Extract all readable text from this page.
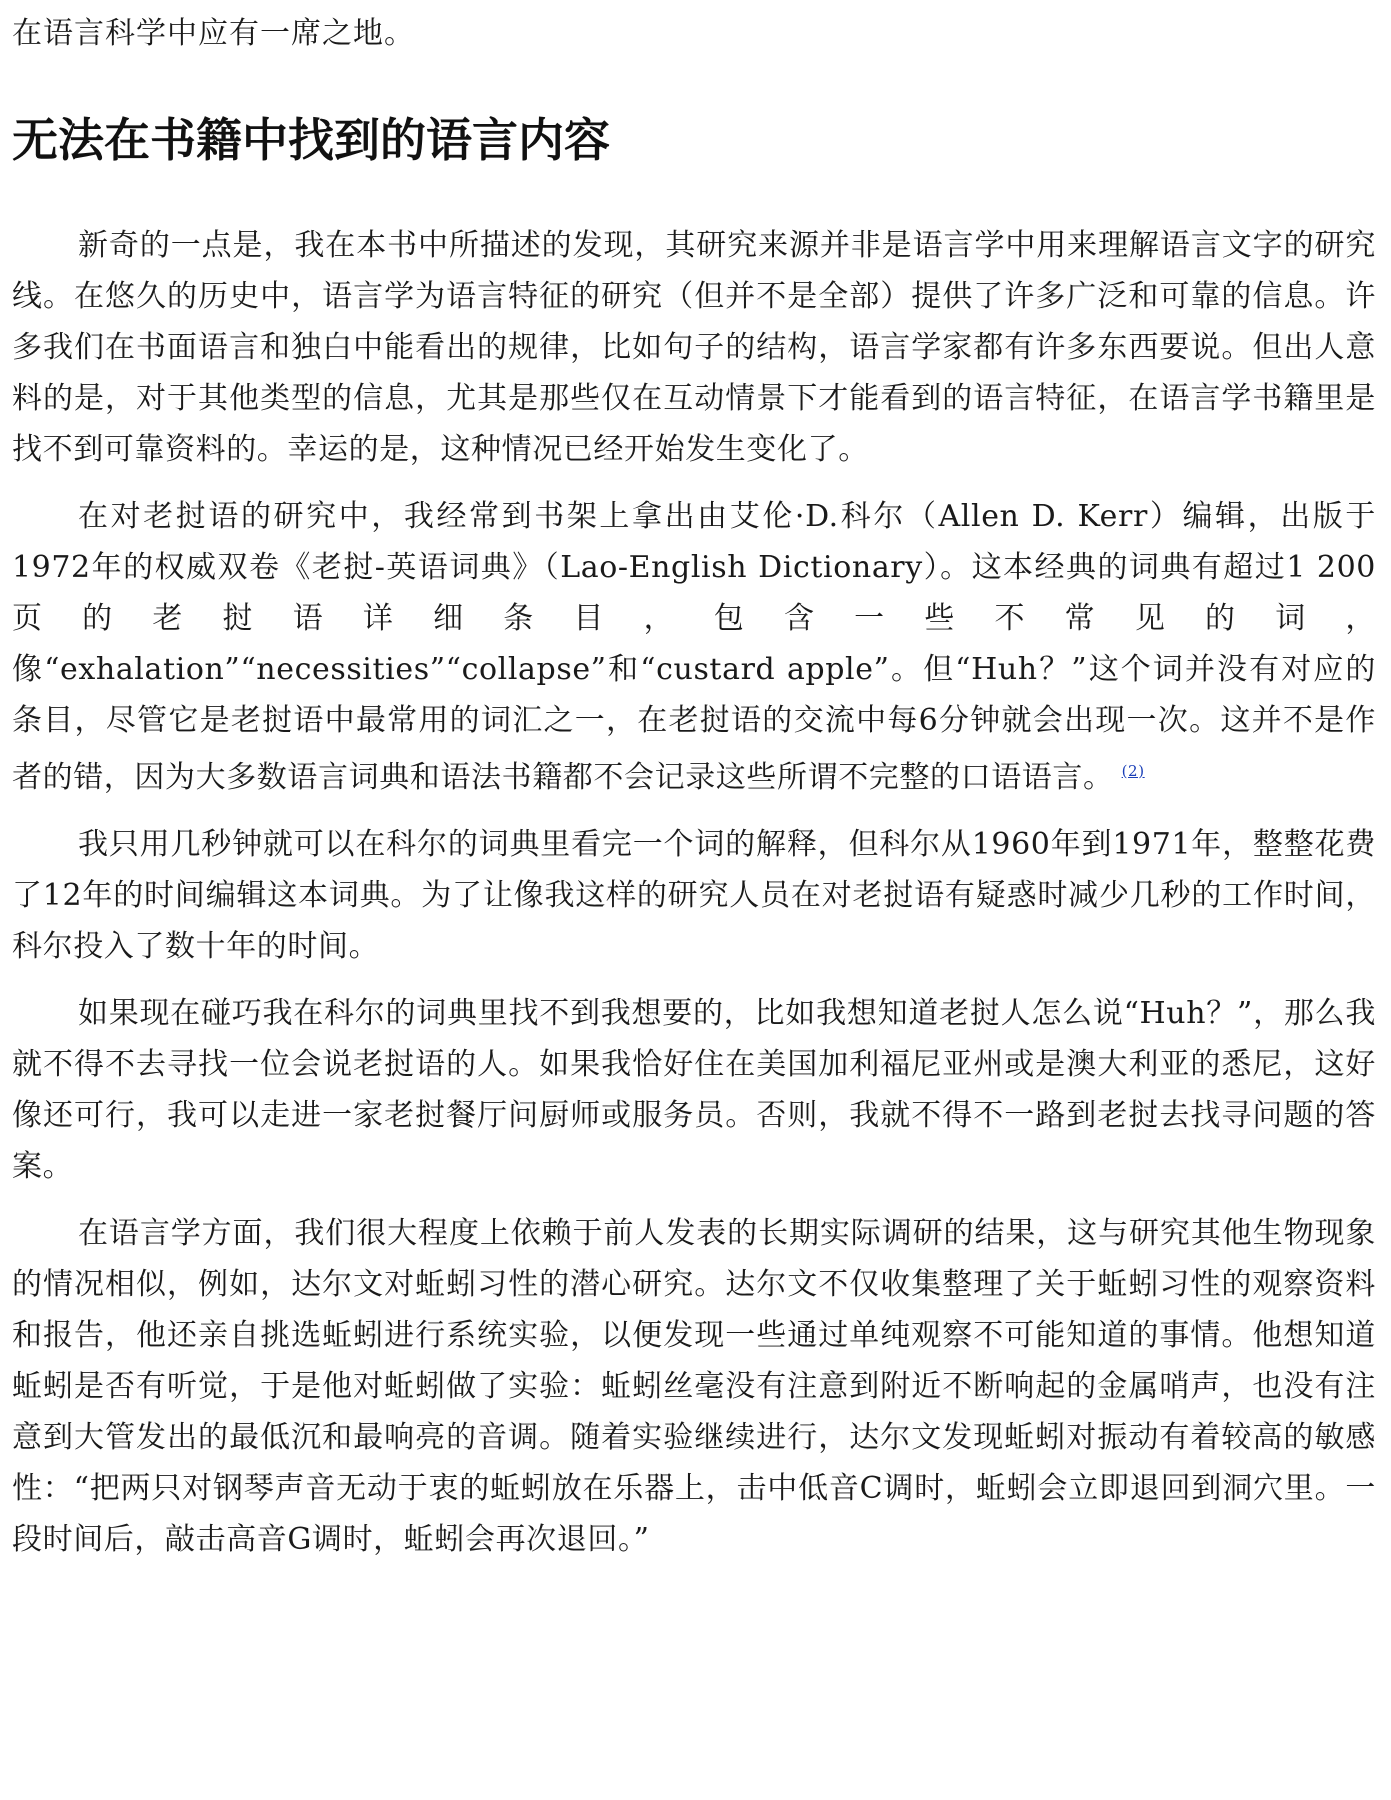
在语言科学中应有一席之地。
无法在书籍中找到的语言内容

新奇的一点是，我在本书中所描述的发现，其研究来源并非是语言学中用来理解语言文字的研究线。在悠久的历史中，语言学为语言特征的研究（但并不是全部）提供了许多广泛和可靠的信息。许多我们在书面语言和独白中能看出的规律，比如句子的结构，语言学家都有许多东西要说。但出人意料的是，对于其他类型的信息，尤其是那些仅在互动情景下才能看到的语言特征，在语言学书籍里是找不到可靠资料的。幸运的是，这种情况已经开始发生变化了。

在对老挝语的研究中，我经常到书架上拿出由艾伦·D.科尔（Allen D. Kerr）编辑，出版于1972年的权威双卷《老挝-英语词典》（Lao-English Dictionary）。这本经典的词典有超过1 200页的老挝语详细条目，包含一些不常见的词，像“exhalation”“necessities”“collapse”和“custard apple”。但“Huh？”这个词并没有对应的条目，尽管它是老挝语中最常用的词汇之一，在老挝语的交流中每6分钟就会出现一次。这并不是作者的错，因为大多数语言词典和语法书籍都不会记录这些所谓不完整的口语语言。 $^{(2)}$

我只用几秒钟就可以在科尔的词典里看完一个词的解释，但科尔从1960年到1971年，整整花费了12年的时间编辑这本词典。为了让像我这样的研究人员在对老挝语有疑惑时减少几秒的工作时间，科尔投入了数十年的时间。

如果现在碰巧我在科尔的词典里找不到我想要的，比如我想知道老挝人怎么说“Huh？”，那么我就不得不去寻找一位会说老挝语的人。如果我恰好住在美国加利福尼亚州或是澳大利亚的悉尼，这好像还可行，我可以走进一家老挝餐厅问厨师或服务员。否则，我就不得不一路到老挝去找寻问题的答案。

在语言学方面，我们很大程度上依赖于前人发表的长期实际调研的结果，这与研究其他生物现象的情况相似，例如，达尔文对蚯蚓习性的潜心研究。达尔文不仅收集整理了关于蚯蚓习性的观察资料和报告，他还亲自挑选蚯蚓进行系统实验，以便发现一些通过单纯观察不可能知道的事情。他想知道蚯蚓是否有听觉，于是他对蚯蚓做了实验：蚯蚓丝毫没有注意到附近不断响起的金属哨声，也没有注意到大管发出的最低沉和最响亮的音调。随着实验继续进行，达尔文发现蚯蚓对振动有着较高的敏感性：“把两只对钢琴声音无动于衷的蚯蚓放在乐器上，击中低音C调时，蚯蚓会立即退回到洞穴里。一段时间后，敲击高音G调时，蚯蚓会再次退回。”
